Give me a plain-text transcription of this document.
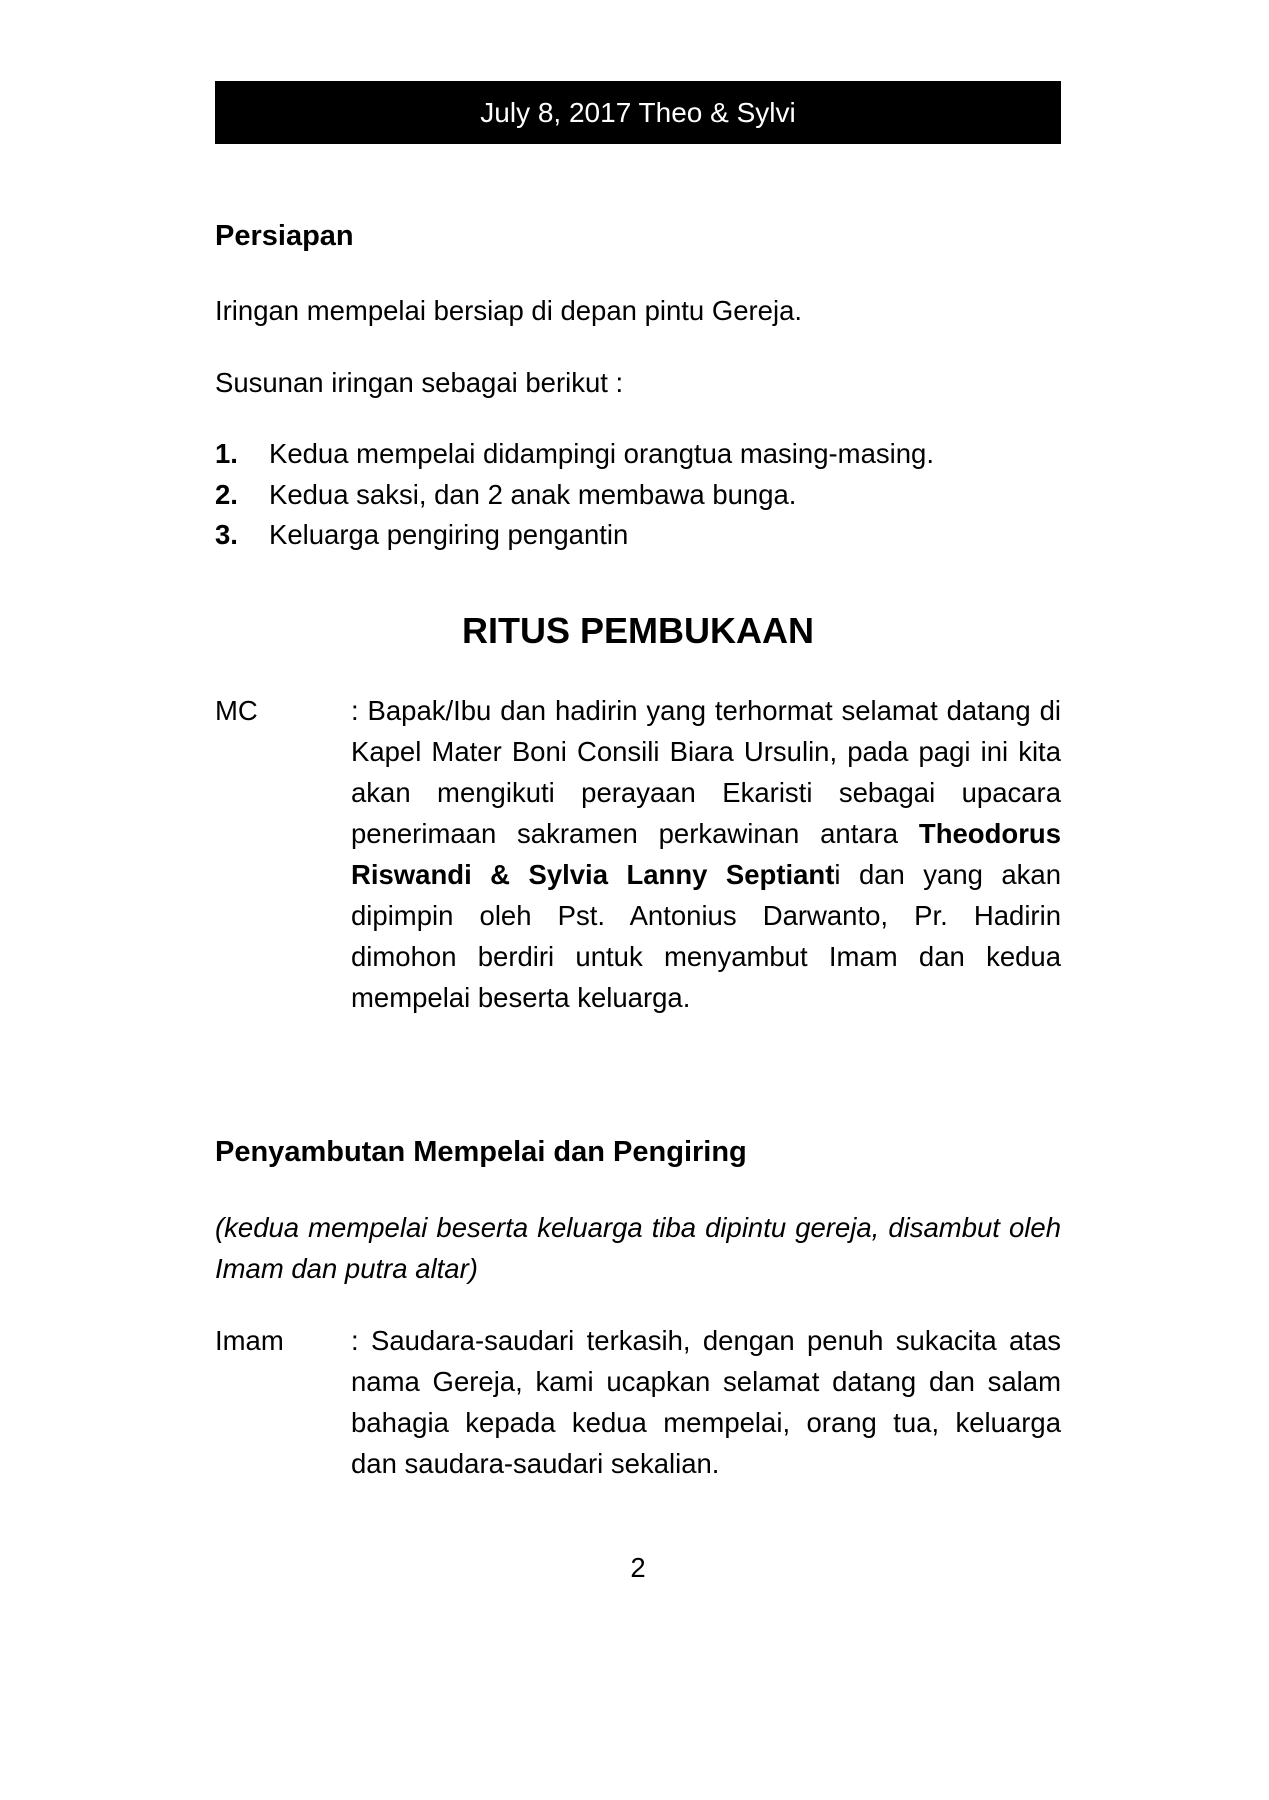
July 8, 2017 Theo & Sylvi
Persiapan
Iringan mempelai bersiap di depan pintu Gereja.
Susunan iringan sebagai berikut :
1. Kedua mempelai didampingi orangtua masing-masing.
2. Kedua saksi, dan 2 anak membawa bunga.
3. Keluarga pengiring pengantin
RITUS PEMBUKAAN
MC	: Bapak/Ibu dan hadirin yang terhormat selamat datang di Kapel Mater Boni Consili Biara Ursulin, pada pagi ini kita akan mengikuti perayaan Ekaristi sebagai upacara penerimaan sakramen perkawinan antara Theodorus Riswandi & Sylvia Lanny Septianti dan yang akan dipimpin oleh Pst. Antonius Darwanto, Pr. Hadirin dimohon berdiri untuk menyambut Imam dan kedua mempelai beserta keluarga.
Penyambutan Mempelai dan Pengiring
(kedua mempelai beserta keluarga tiba dipintu gereja, disambut oleh Imam dan putra altar)
Imam : Saudara-saudari terkasih, dengan penuh sukacita atas nama Gereja, kami ucapkan selamat datang dan salam bahagia kepada kedua mempelai, orang tua, keluarga dan saudara-saudari sekalian.
2
